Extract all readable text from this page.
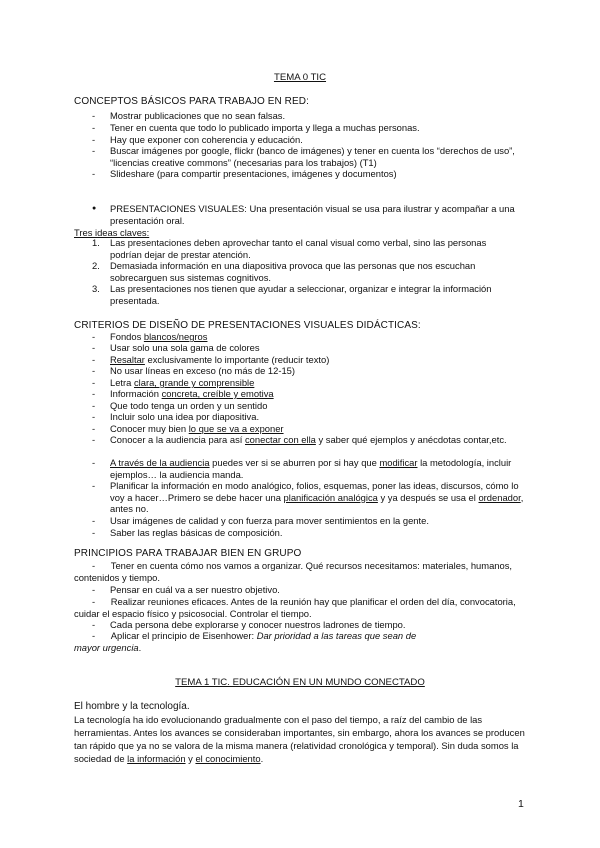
TEMA 0 TIC
CONCEPTOS BÁSICOS PARA TRABAJO EN RED:
- Mostrar publicaciones que no sean falsas.
- Tener en cuenta que todo lo publicado importa y llega a muchas personas.
- Hay que exponer con coherencia y educación.
- Buscar imágenes por google, flickr (banco de imágenes) y tener en cuenta los “derechos de uso”, “licencias creative commons” (necesarias para los trabajos) (T1)
- Slideshare (para compartir presentaciones, imágenes y documentos)
● PRESENTACIONES VISUALES: Una presentación visual se usa para ilustrar y acompañar a una presentación oral.
Tres ideas claves:
1. Las presentaciones deben aprovechar tanto el canal visual como verbal, sino las personas podrían dejar de prestar atención.
2. Demasiada información en una diapositiva provoca que las personas que nos escuchan sobrecarguen sus sistemas cognitivos.
3. Las presentaciones nos tienen que ayudar a seleccionar, organizar e integrar la información presentada.
CRITERIOS DE DISEÑO DE PRESENTACIONES VISUALES DIDÁCTICAS:
- Fondos blancos/negros
- Usar solo una sola gama de colores
- Resaltar exclusivamente lo importante (reducir texto)
- No usar líneas en exceso (no más de 12-15)
- Letra clara, grande y comprensible
- Información concreta, creíble y emotiva
- Que todo tenga un orden y un sentido
- Incluir solo una idea por diapositiva.
- Conocer muy bien lo que se va a exponer
- Conocer a la audiencia para así conectar con ella y saber qué ejemplos y anécdotas contar,etc.
- A través de la audiencia puedes ver si se aburren por si hay que modificar la metodología, incluir ejemplos… la audiencia manda.
- Planificar la información en modo analógico, folios, esquemas, poner las ideas, discursos, cómo lo voy a hacer…Primero se debe hacer una planificación analógica y ya después se usa el ordenador, antes no.
- Usar imágenes de calidad y con fuerza para mover sentimientos en la gente.
- Saber las reglas básicas de composición.
PRINCIPIOS PARA TRABAJAR BIEN EN GRUPO
- Tener en cuenta cómo nos vamos a organizar. Qué recursos necesitamos: materiales, humanos, contenidos y tiempo.
- Pensar en cuál va a ser nuestro objetivo.
- Realizar reuniones eficaces. Antes de la reunión hay que planificar el orden del día, convocatoria, cuidar el espacio físico y psicosocial. Controlar el tiempo.
- Cada persona debe explorarse y conocer nuestros ladrones de tiempo.
- Aplicar el principio de Eisenhower: Dar prioridad a las tareas que sean de mayor urgencia.
TEMA 1 TIC. EDUCACIÓN EN UN MUNDO CONECTADO
El hombre y la tecnología.
La tecnología ha ido evolucionando gradualmente con el paso del tiempo, a raíz del cambio de las herramientas. Antes los avances se consideraban importantes, sin embargo, ahora los avances se producen tan rápido que ya no se valora de la misma manera (relatividad cronológica y temporal). Sin duda somos la sociedad de la información y el conocimiento.
1
